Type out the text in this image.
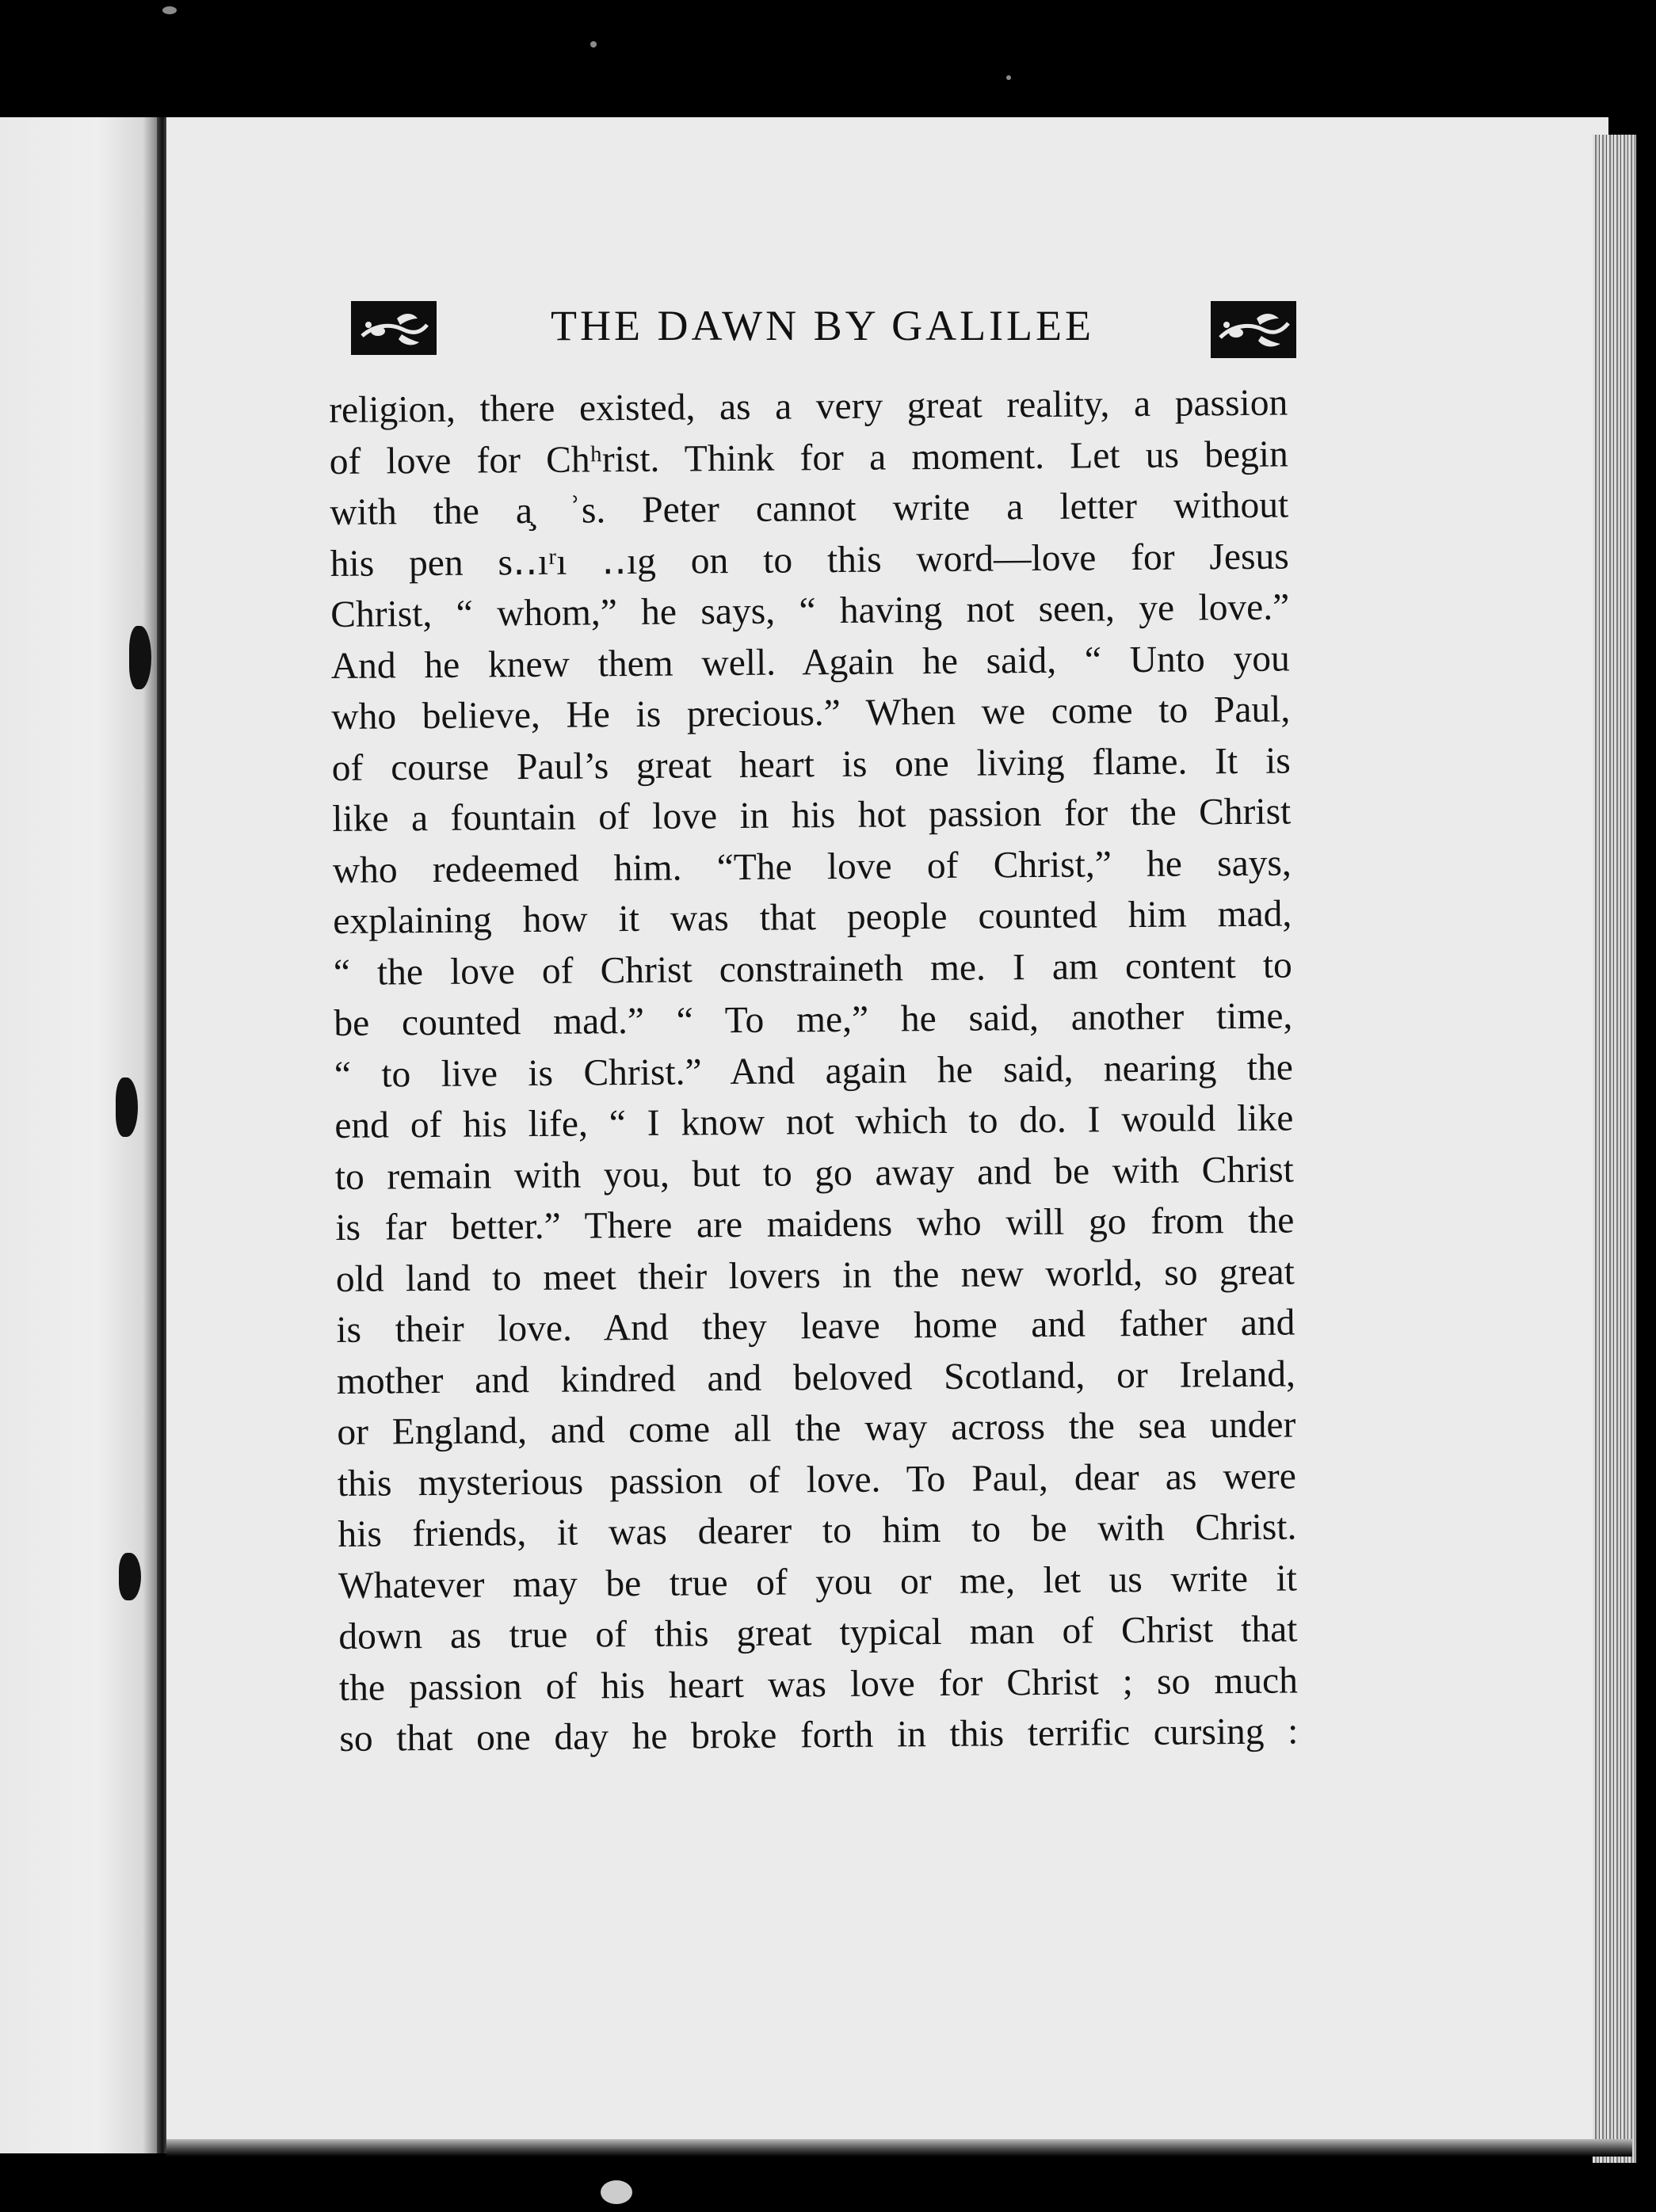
THE DAWN BY GALILEE
religion, there existed, as a very great reality, a passion
of love for Chʰrist. Think for a moment. Let us begin
with the a̧ ʾs. Peter cannot write a letter without
his pen s‥ıʳı ‥ıg on to this word—love for Jesus
Christ, “ whom,” he says, “ having not seen, ye love.”
And he knew them well. Again he said, “ Unto you
who believe, He is precious.” When we come to Paul,
of course Paul’s great heart is one living flame. It is
like a fountain of love in his hot passion for the Christ
who redeemed him. “The love of Christ,” he says,
explaining how it was that people counted him mad,
“ the love of Christ constraineth me. I am content to
be counted mad.” “ To me,” he said, another time,
“ to live is Christ.” And again he said, nearing the
end of his life, “ I know not which to do. I would like
to remain with you, but to go away and be with Christ
is far better.” There are maidens who will go from the
old land to meet their lovers in the new world, so great
is their love. And they leave home and father and
mother and kindred and beloved Scotland, or Ireland,
or England, and come all the way across the sea under
this mysterious passion of love. To Paul, dear as were
his friends, it was dearer to him to be with Christ.
Whatever may be true of you or me, let us write it
down as true of this great typical man of Christ that
the passion of his heart was love for Christ ; so much
so that one day he broke forth in this terrific cursing :
